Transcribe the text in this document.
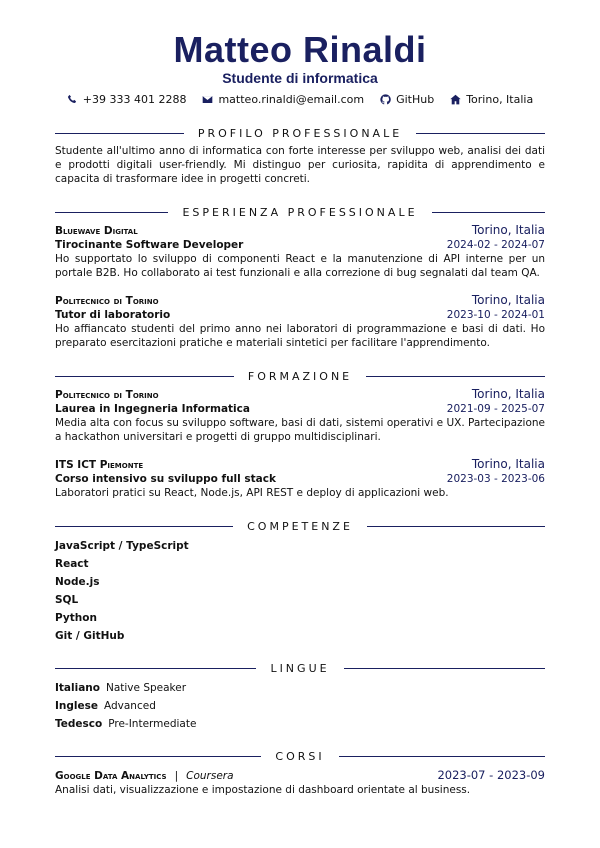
Matteo Rinaldi
Studente di informatica
+39 333 401 2288	matteo.rinaldi@email.com	GitHub	Torino, Italia
PROFILO PROFESSIONALE
Studente all'ultimo anno di informatica con forte interesse per sviluppo web, analisi dei dati e prodotti digitali user-friendly. Mi distinguo per curiosita, rapidita di apprendimento e capacita di trasformare idee in progetti concreti.
ESPERIENZA PROFESSIONALE
Bluewave Digital	Torino, Italia
Tirocinante Software Developer	2024-02 - 2024-07
Ho supportato lo sviluppo di componenti React e la manutenzione di API interne per un portale B2B. Ho collaborato ai test funzionali e alla correzione di bug segnalati dal team QA.
Politecnico di Torino	Torino, Italia
Tutor di laboratorio	2023-10 - 2024-01
Ho affiancato studenti del primo anno nei laboratori di programmazione e basi di dati. Ho preparato esercitazioni pratiche e materiali sintetici per facilitare l'apprendimento.
FORMAZIONE
Politecnico di Torino	Torino, Italia
Laurea in Ingegneria Informatica	2021-09 - 2025-07
Media alta con focus su sviluppo software, basi di dati, sistemi operativi e UX. Partecipazione a hackathon universitari e progetti di gruppo multidisciplinari.
ITS ICT Piemonte	Torino, Italia
Corso intensivo su sviluppo full stack	2023-03 - 2023-06
Laboratori pratici su React, Node.js, API REST e deploy di applicazioni web.
COMPETENZE
JavaScript / TypeScript
React
Node.js
SQL
Python
Git / GitHub
LINGUE
Italiano Native Speaker
Inglese Advanced
Tedesco Pre-Intermediate
CORSI
Google Data Analytics | Coursera	2023-07 - 2023-09
Analisi dati, visualizzazione e impostazione di dashboard orientate al business.
